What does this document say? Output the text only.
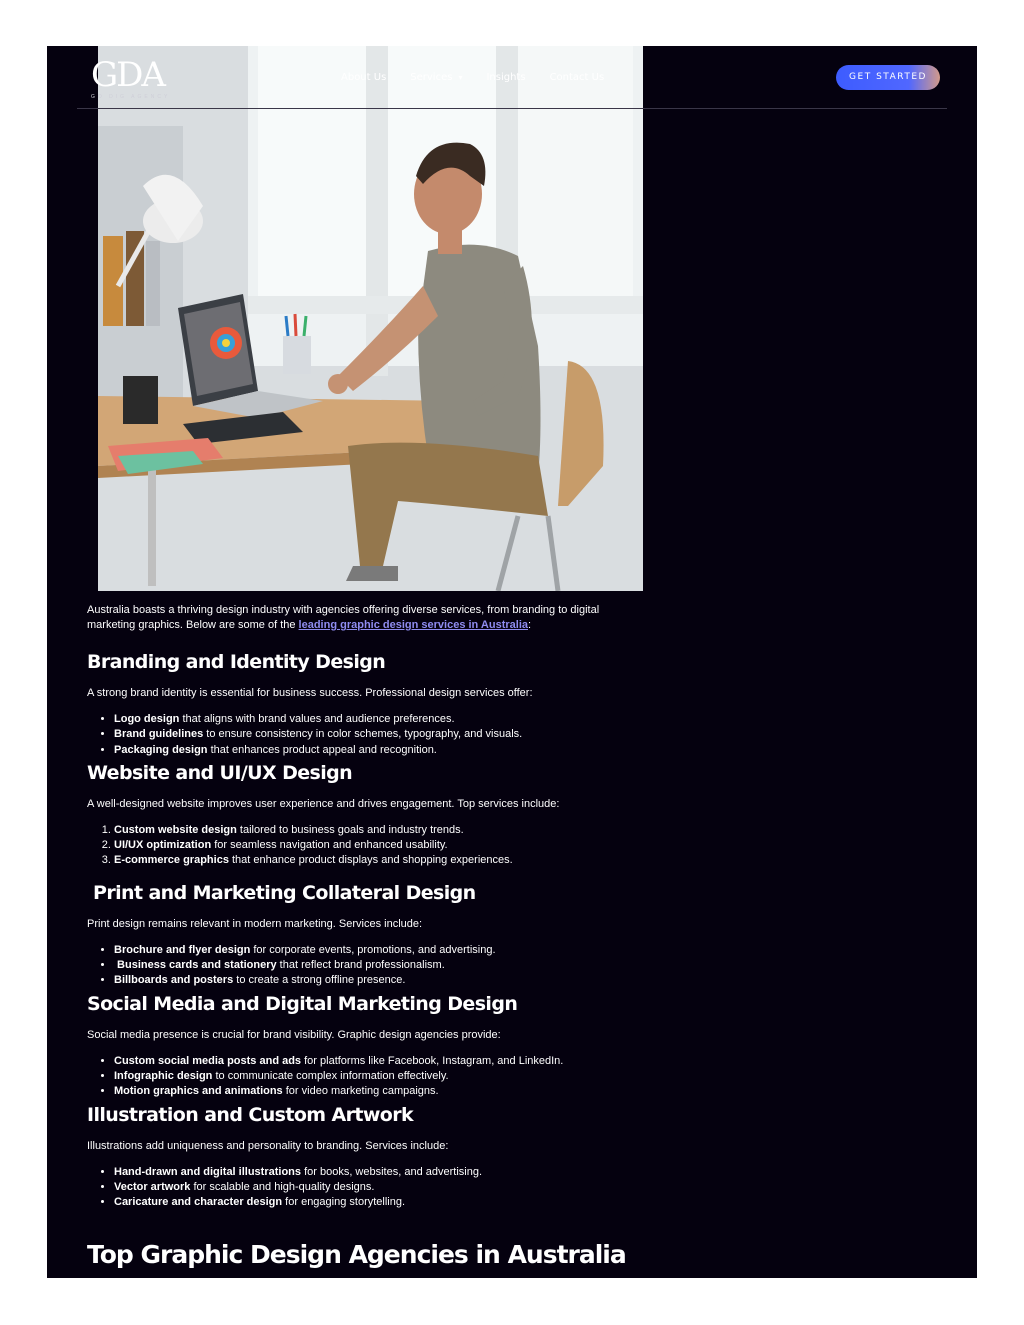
GDA
GO DIG AGENCY
About Us Services ▾ Insights Contact Us	GET STARTED

Australia boasts a thriving design industry with agencies offering diverse services, from branding to digital marketing graphics. Below are some of the leading graphic design services in Australia:

Branding and Identity Design

A strong brand identity is essential for business success. Professional design services offer:

• Logo design that aligns with brand values and audience preferences.
• Brand guidelines to ensure consistency in color schemes, typography, and visuals.
• Packaging design that enhances product appeal and recognition.
Website and UI/UX Design

A well-designed website improves user experience and drives engagement. Top services include:

1. Custom website design tailored to business goals and industry trends.
2. UI/UX optimization for seamless navigation and enhanced usability.
3. E-commerce graphics that enhance product displays and shopping experiences.
Print and Marketing Collateral Design

Print design remains relevant in modern marketing. Services include:

• Brochure and flyer design for corporate events, promotions, and advertising.
•  Business cards and stationery that reflect brand professionalism.
• Billboards and posters to create a strong offline presence.
Social Media and Digital Marketing Design

Social media presence is crucial for brand visibility. Graphic design agencies provide:

• Custom social media posts and ads for platforms like Facebook, Instagram, and LinkedIn.
• Infographic design to communicate complex information effectively.
• Motion graphics and animations for video marketing campaigns.
Illustration and Custom Artwork

Illustrations add uniqueness and personality to branding. Services include:

• Hand-drawn and digital illustrations for books, websites, and advertising.
• Vector artwork for scalable and high-quality designs.
• Caricature and character design for engaging storytelling.
Top Graphic Design Agencies in Australia
